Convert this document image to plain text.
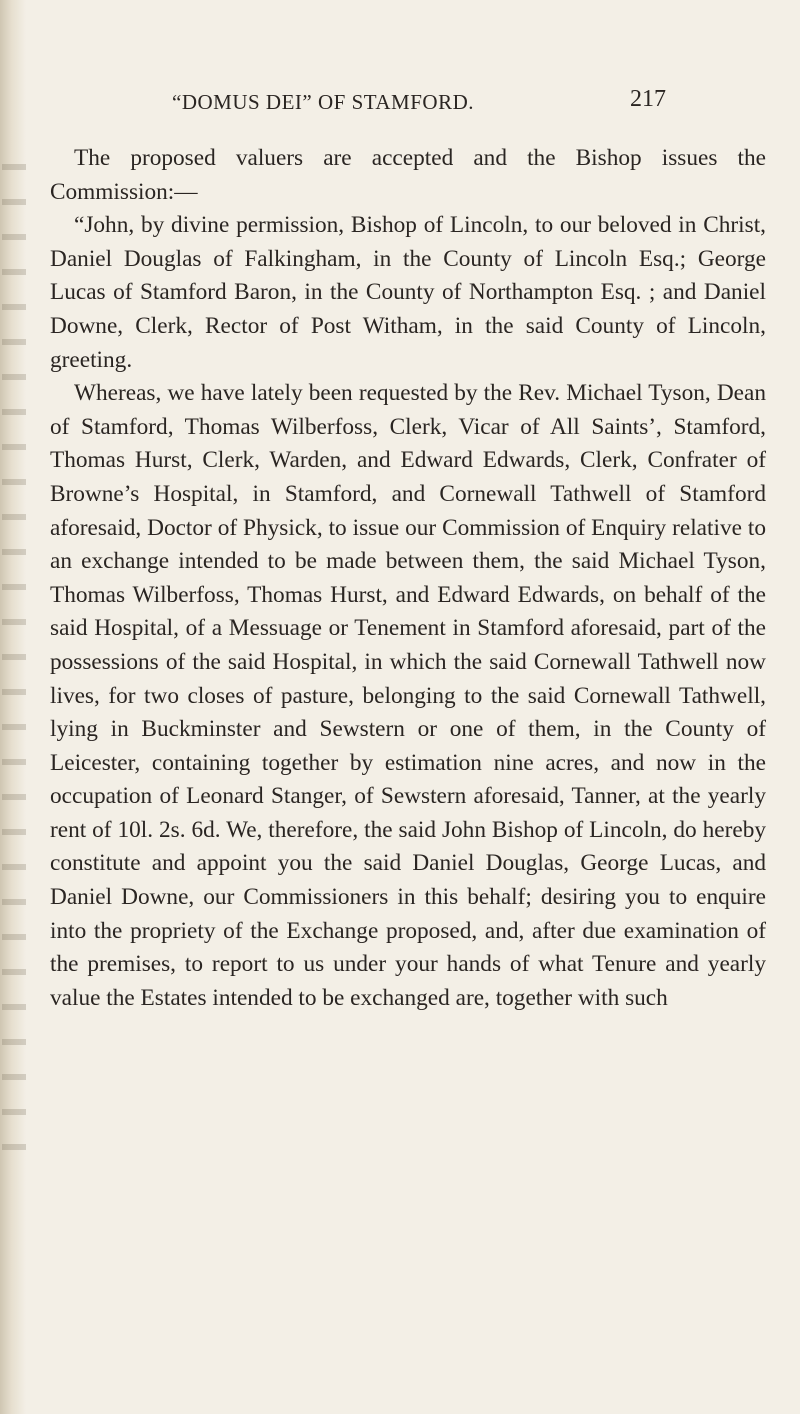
“DOMUS DEI” OF STAMFORD.	217

The proposed valuers are accepted and the Bishop issues the Commission:—

“John, by divine permission, Bishop of Lincoln, to our beloved in Christ, Daniel Douglas of Falkingham, in the County of Lincoln Esq.; George Lucas of Stamford Baron, in the County of Northampton Esq. ; and Daniel Downe, Clerk, Rector of Post Witham, in the said County of Lincoln, greeting.

Whereas, we have lately been requested by the Rev. Michael Tyson, Dean of Stamford, Thomas Wilberfoss, Clerk, Vicar of All Saints’, Stamford, Thomas Hurst, Clerk, Warden, and Edward Edwards, Clerk, Confrater of Browne’s Hospital, in Stamford, and Cornewall Tathwell of Stamford aforesaid, Doctor of Physick, to issue our Commission of Enquiry relative to an exchange intended to be made between them, the said Michael Tyson, Thomas Wilberfoss, Thomas Hurst, and Edward Edwards, on behalf of the said Hospital, of a Messuage or Tenement in Stamford aforesaid, part of the possessions of the said Hospital, in which the said Cornewall Tathwell now lives, for two closes of pasture, belonging to the said Cornewall Tathwell, lying in Buckminster and Sewstern or one of them, in the County of Leicester, containing together by estimation nine acres, and now in the occupation of Leonard Stanger, of Sewstern aforesaid, Tanner, at the yearly rent of 10l. 2s. 6d. We, therefore, the said John Bishop of Lincoln, do hereby constitute and appoint you the said Daniel Douglas, George Lucas, and Daniel Downe, our Commissioners in this behalf; desiring you to enquire into the propriety of the Exchange proposed, and, after due examination of the premises, to report to us under your hands of what Tenure and yearly value the Estates intended to be exchanged are, together with such
